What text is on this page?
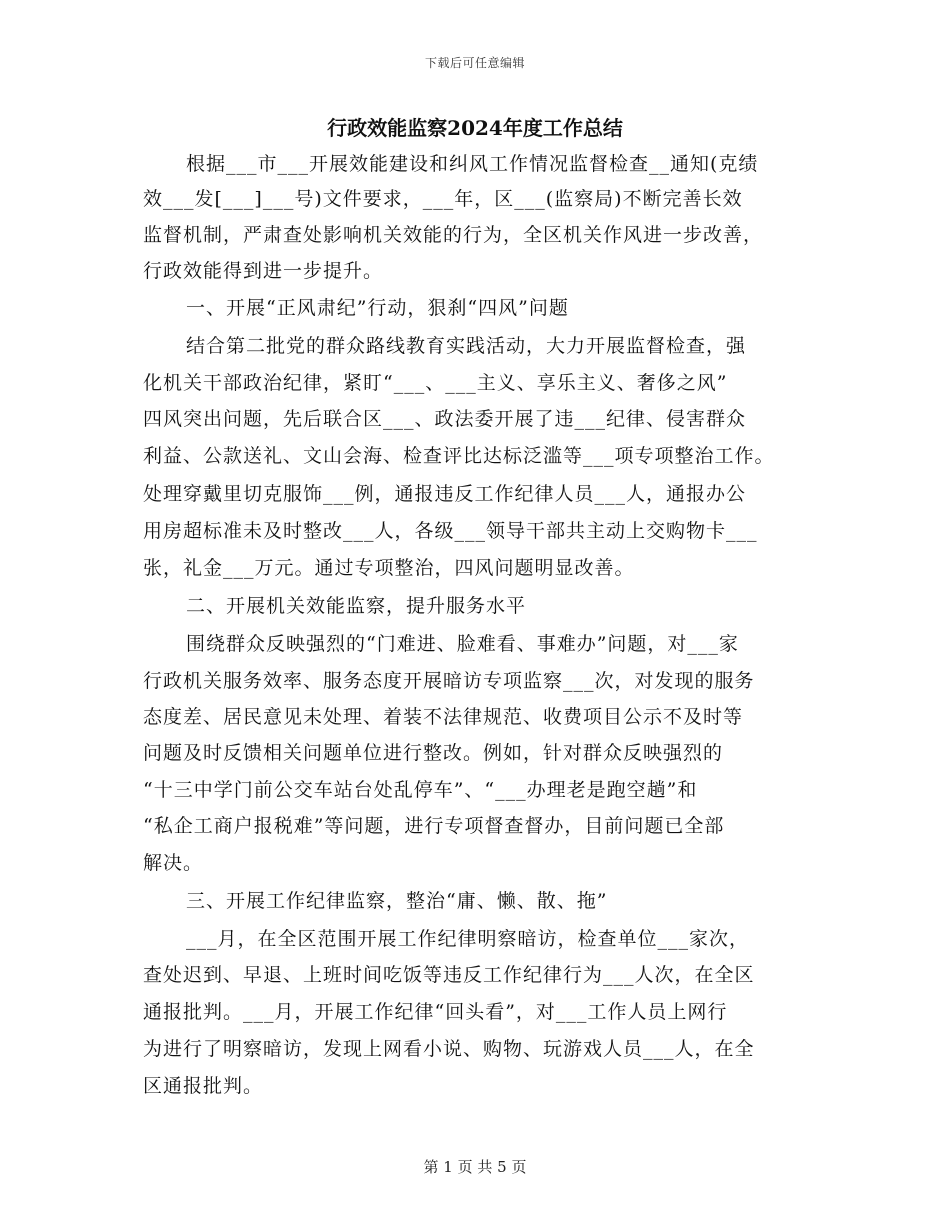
下载后可任意编辑
行政效能监察2024年度工作总结
根据___市___开展效能建设和纠风工作情况监督检查__通知(克绩
效___发[___]___号)文件要求，___年，区___(监察局)不断完善长效
监督机制，严肃查处影响机关效能的行为，全区机关作风进一步改善，
行政效能得到进一步提升。
一、开展“正风肃纪”行动，狠刹“四风”问题
结合第二批党的群众路线教育实践活动，大力开展监督检查，强
化机关干部政治纪律，紧盯“___、___主义、享乐主义、奢侈之风”
四风突出问题，先后联合区___、政法委开展了违___纪律、侵害群众
利益、公款送礼、文山会海、检查评比达标泛滥等___项专项整治工作。
处理穿戴里切克服饰___例，通报违反工作纪律人员___人，通报办公
用房超标准未及时整改___人，各级___领导干部共主动上交购物卡___
张，礼金___万元。通过专项整治，四风问题明显改善。
二、开展机关效能监察，提升服务水平
围绕群众反映强烈的“门难进、脸难看、事难办”问题，对___家
行政机关服务效率、服务态度开展暗访专项监察___次，对发现的服务
态度差、居民意见未处理、着装不法律规范、收费项目公示不及时等
问题及时反馈相关问题单位进行整改。例如，针对群众反映强烈的
“十三中学门前公交车站台处乱停车”、“___办理老是跑空趟”和
“私企工商户报税难”等问题，进行专项督查督办，目前问题已全部
解决。
三、开展工作纪律监察，整治“庸、懒、散、拖”
___月，在全区范围开展工作纪律明察暗访，检查单位___家次，
查处迟到、早退、上班时间吃饭等违反工作纪律行为___人次，在全区
通报批判。___月，开展工作纪律“回头看”，对___工作人员上网行
为进行了明察暗访，发现上网看小说、购物、玩游戏人员___人，在全
区通报批判。
第 1 页 共 5 页
